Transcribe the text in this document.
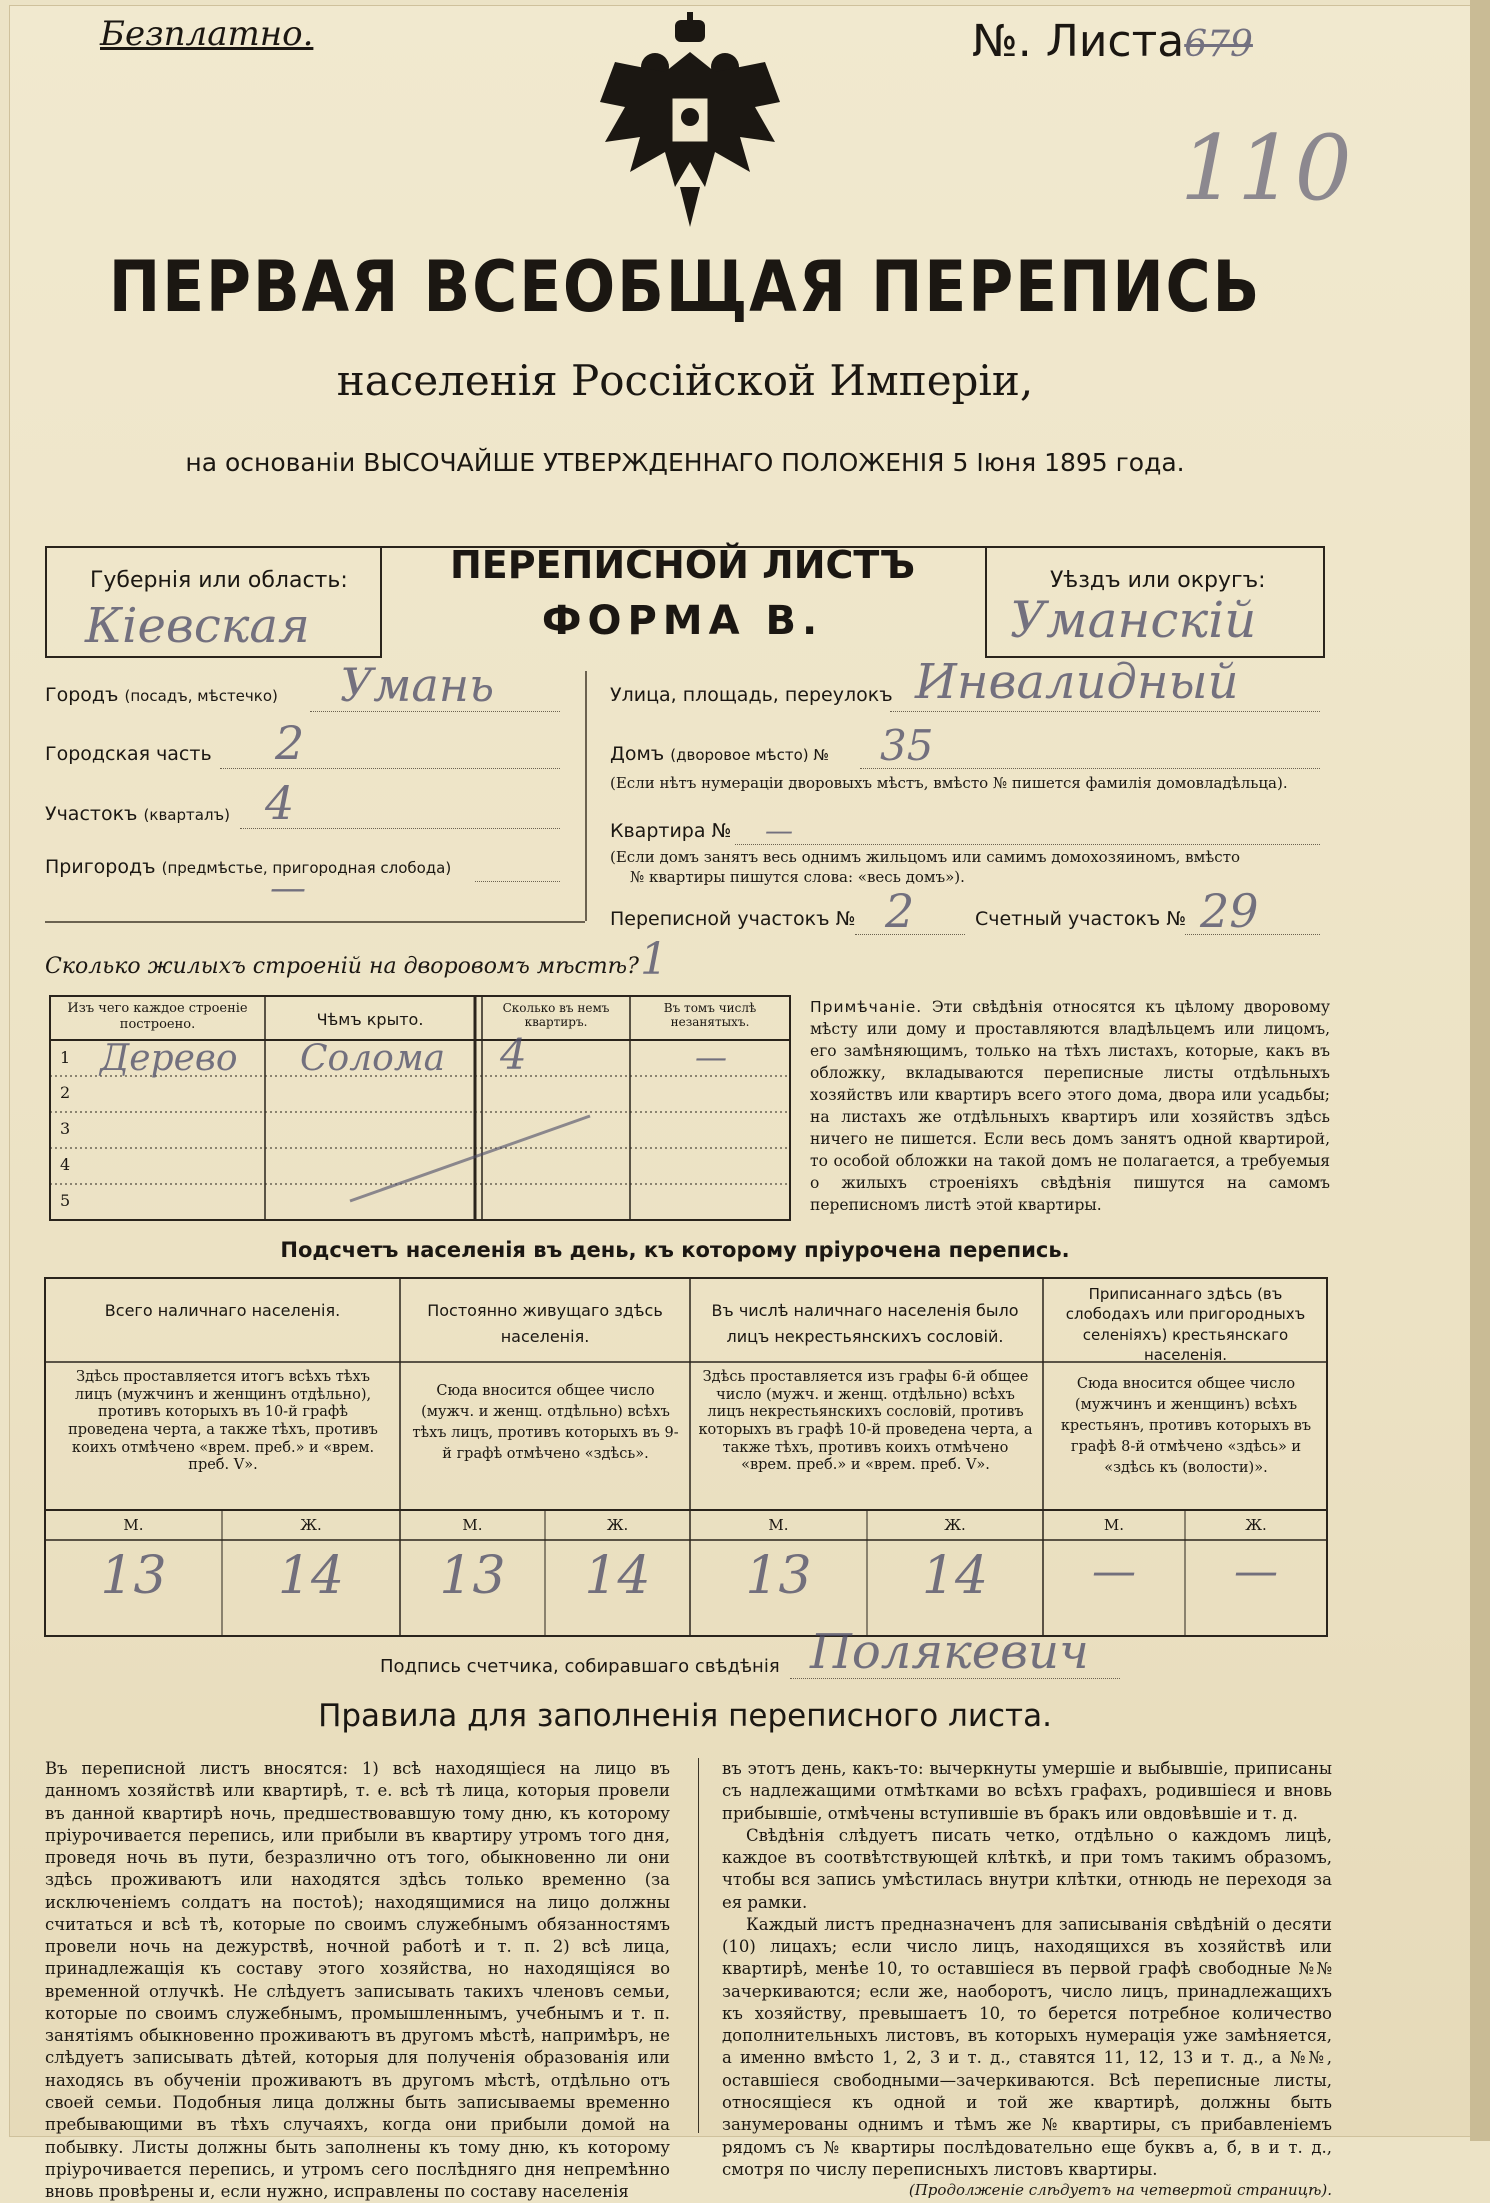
Безплатно.	№. Листа679
110
ПЕРВАЯ ВСЕОБЩАЯ ПЕРЕПИСЬ
населенія Россійской Имперіи,
на основаніи ВЫСОЧАЙШЕ УТВЕРЖДЕННАГО ПОЛОЖЕНІЯ 5 Іюня 1895 года.
Губернія или область:
Кіевская
ПЕРЕПИСНОЙ ЛИСТЪ
ФОРМА В.
Уѣздъ или округъ:
Уманскій
Городъ (посадъ, мѣстечко) Умань
Городская часть 2
Участокъ (кварталъ) 4
Пригородъ (предмѣстье, пригородная слобода)
—
Улица, площадь, переулокъ Инвалидный
Домъ (дворовое мѣсто) № 35
(Если нѣтъ нумераціи дворовыхъ мѣстъ, вмѣсто № пишется фамилія домовладѣльца).
Квартира № —
(Если домъ занятъ весь однимъ жильцомъ или самимъ домохозяиномъ, вмѣсто
№ квартиры пишутся слова: «весь домъ»).
Переписной участокъ № 2	Счетный участокъ № 29
Сколько жилыхъ строеній на дворовомъ мѣстѣ? 1
Изъ чего каждое строеніе построено.	Чѣмъ крыто.
Сколько въ немъ квартиръ.
Въ томъ числѣ незанятыхъ.
1 Дерево Солома 4	—
2
3
4
5
Примѣчаніе. Эти свѣдѣнія относятся къ цѣлому дворовому мѣсту или дому и проставляются владѣльцемъ или лицомъ, его замѣняющимъ, только на тѣхъ листахъ, которые, какъ въ обложку, вкладываются переписные листы отдѣльныхъ хозяйствъ или квартиръ всего этого дома, двора или усадьбы; на листахъ же отдѣльныхъ квартиръ или хозяйствъ здѣсь ничего не пишется. Если весь домъ занятъ одной квартирой, то особой обложки на такой домъ не полагается, а требуемыя о жилыхъ строеніяхъ свѣдѣнія пишутся на самомъ переписномъ листѣ этой квартиры.
Подсчетъ населенія въ день, къ которому пріурочена перепись.
Всего наличнаго населенія.	Постоянно живущаго здѣсь населенія.
Въ числѣ наличнаго населенія было лицъ некрестьянскихъ сословій.
Приписаннаго здѣсь (въ слободахъ или пригородныхъ селеніяхъ) крестьянскаго населенія.
Здѣсь проставляется итогъ всѣхъ тѣхъ лицъ (мужчинъ и женщинъ отдѣльно), противъ которыхъ въ 10-й графѣ проведена черта, а также тѣхъ, противъ коихъ отмѣчено «врем. преб.» и «врем. преб. V».
Сюда вносится общее число (мужч. и женщ. отдѣльно) всѣхъ тѣхъ лицъ, противъ которыхъ въ 9-й графѣ отмѣчено «здѣсь».
Здѣсь проставляется изъ графы 6-й общее число (мужч. и женщ. отдѣльно) всѣхъ лицъ некрестьянскихъ сословій, противъ которыхъ въ графѣ 10-й проведена черта, а также тѣхъ, противъ коихъ отмѣчено «врем. преб.» и «врем. преб. V».
Сюда вносится общее число (мужчинъ и женщинъ) всѣхъ крестьянъ, противъ которыхъ въ графѣ 8-й отмѣчено «здѣсь» и «здѣсь къ (волости)».
М.	Ж.	М.	Ж.	М.	Ж.	М.	Ж.
13	14	13	14	13	14	—	—
Подпись счетчика, собиравшаго свѣдѣнія Полякевич
Правила для заполненія переписного листа.
Въ переписной листъ вносятся: 1) всѣ находящіеся на лицо въ данномъ хозяйствѣ или квартирѣ, т. е. всѣ тѣ лица, которыя провели въ данной квартирѣ ночь, предшествовавшую тому дню, къ которому пріурочивается перепись, или прибыли въ квартиру утромъ того дня, проведя ночь въ пути, безразлично отъ того, обыкновенно ли они здѣсь проживаютъ или находятся здѣсь только временно (за исключеніемъ солдатъ на постоѣ); находящимися на лицо должны считаться и всѣ тѣ, которые по своимъ служебнымъ обязанностямъ провели ночь на дежурствѣ, ночной работѣ и т. п. 2) всѣ лица, принадлежащія къ составу этого хозяйства, но находящіяся во временной отлучкѣ. Не слѣдуетъ записывать такихъ членовъ семьи, которые по своимъ служебнымъ, промышленнымъ, учебнымъ и т. п. занятіямъ обыкновенно проживаютъ въ другомъ мѣстѣ, напримѣръ, не слѣдуетъ записывать дѣтей, которыя для полученія образованія или находясь въ обученіи проживаютъ въ другомъ мѣстѣ, отдѣльно отъ своей семьи. Подобныя лица должны быть записываемы временно пребывающими въ тѣхъ случаяхъ, когда они прибыли домой на побывку. Листы должны быть заполнены къ тому дню, къ которому пріурочивается перепись, и утромъ сего послѣдняго дня непремѣнно вновь провѣрены и, если нужно, исправлены по составу населенія
въ этотъ день, какъ-то: вычеркнуты умершіе и выбывшіе, приписаны съ надлежащими отмѣтками во всѣхъ графахъ, родившіеся и вновь прибывшіе, отмѣчены вступившіе въ бракъ или овдовѣвшіе и т. д.
Свѣдѣнія слѣдуетъ писать четко, отдѣльно о каждомъ лицѣ, каждое въ соотвѣтствующей клѣткѣ, и при томъ такимъ образомъ, чтобы вся запись умѣстилась внутри клѣтки, отнюдь не переходя за ея рамки.
Каждый листъ предназначенъ для записыванія свѣдѣній о десяти (10) лицахъ; если число лицъ, находящихся въ хозяйствѣ или квартирѣ, менѣе 10, то оставшіеся въ первой графѣ свободные №№ зачеркиваются; если же, наоборотъ, число лицъ, принадлежащихъ къ хозяйству, превышаетъ 10, то берется потребное количество дополнительныхъ листовъ, въ которыхъ нумерація уже замѣняется, а именно вмѣсто 1, 2, 3 и т. д., ставятся 11, 12, 13 и т. д., а №№, оставшіеся свободными—зачеркиваются. Всѣ переписные листы, относящіеся къ одной и той же квартирѣ, должны быть занумерованы однимъ и тѣмъ же № квартиры, съ прибавленіемъ рядомъ съ № квартиры послѣдовательно еще буквъ а, б, в и т. д., смотря по числу переписныхъ листовъ квартиры.
(Продолженіе слѣдуетъ на четвертой страницѣ).
